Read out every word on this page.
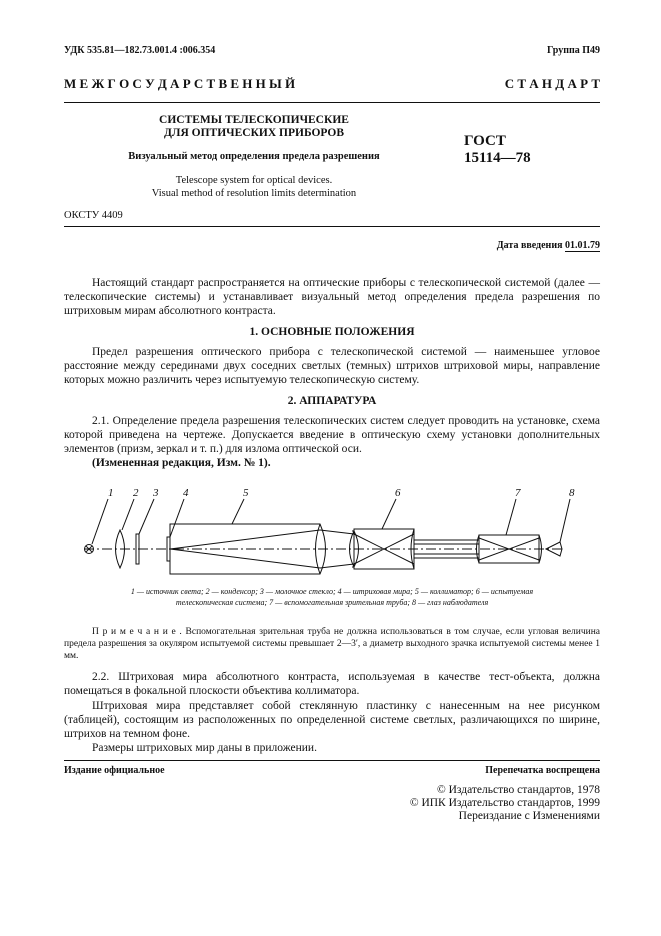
УДК 535.81—182.73.001.4 :006.354	Группа П49
М Е Ж Г О С У Д А Р С Т В Е Н Н Ы Й	С Т А Н Д А Р Т
СИСТЕМЫ ТЕЛЕСКОПИЧЕСКИЕ
ДЛЯ ОПТИЧЕСКИХ ПРИБОРОВ
Визуальный метод определения предела разрешения
Telescope system for optical devices.
Visual method of resolution limits determination
ГОСТ
15114—78
ОКСТУ 4409
Дата введения 01.01.79
Настоящий стандарт распространяется на оптические приборы с телескопической системой (далее — телескопические системы) и устанавливает визуальный метод определения предела разрешения по штриховым мирам абсолютного контраста.
1. ОСНОВНЫЕ ПОЛОЖЕНИЯ
Предел разрешения оптического прибора с телескопической системой — наименьшее угловое расстояние между серединами двух соседних светлых (темных) штрихов штриховой миры, направление которых можно различить через испытуемую телескопическую систему.
2. АППАРАТУРА
2.1. Определение предела разрешения телескопических систем следует проводить на установке, схема которой приведена на чертеже. Допускается введение в оптическую схему установки дополнительных элементов (призм, зеркал и т. п.) для излома оптической оси.
(Измененная редакция, Изм. № 1).
1 2 3 4	5	6	7	8
1 — источник света; 2 — конденсор; 3 — молочное стекло; 4 — штриховая мира; 5 — коллиматор; 6 — испытуемая
телескопическая система; 7 — вспомогательная зрительная труба; 8 — глаз наблюдателя
П р и м е ч а н и е . Вспомогательная зрительная труба не должна использоваться в том случае, если угловая величина предела разрешения за окуляром испытуемой системы превышает 2—3′, а диаметр выходного зрачка испытуемой системы менее 1 мм.
2.2. Штриховая мира абсолютного контраста, используемая в качестве тест-объекта, должна помещаться в фокальной плоскости объектива коллиматора.
Штриховая мира представляет собой стеклянную пластинку с нанесенным на нее рисунком (таблицей), состоящим из расположенных по определенной системе светлых, различающихся по ширине, штрихов на темном фоне.
Размеры штриховых мир даны в приложении.
Издание официальное	Перепечатка воспрещена
© Издательство стандартов, 1978
© ИПК Издательство стандартов, 1999
Переиздание с Изменениями
